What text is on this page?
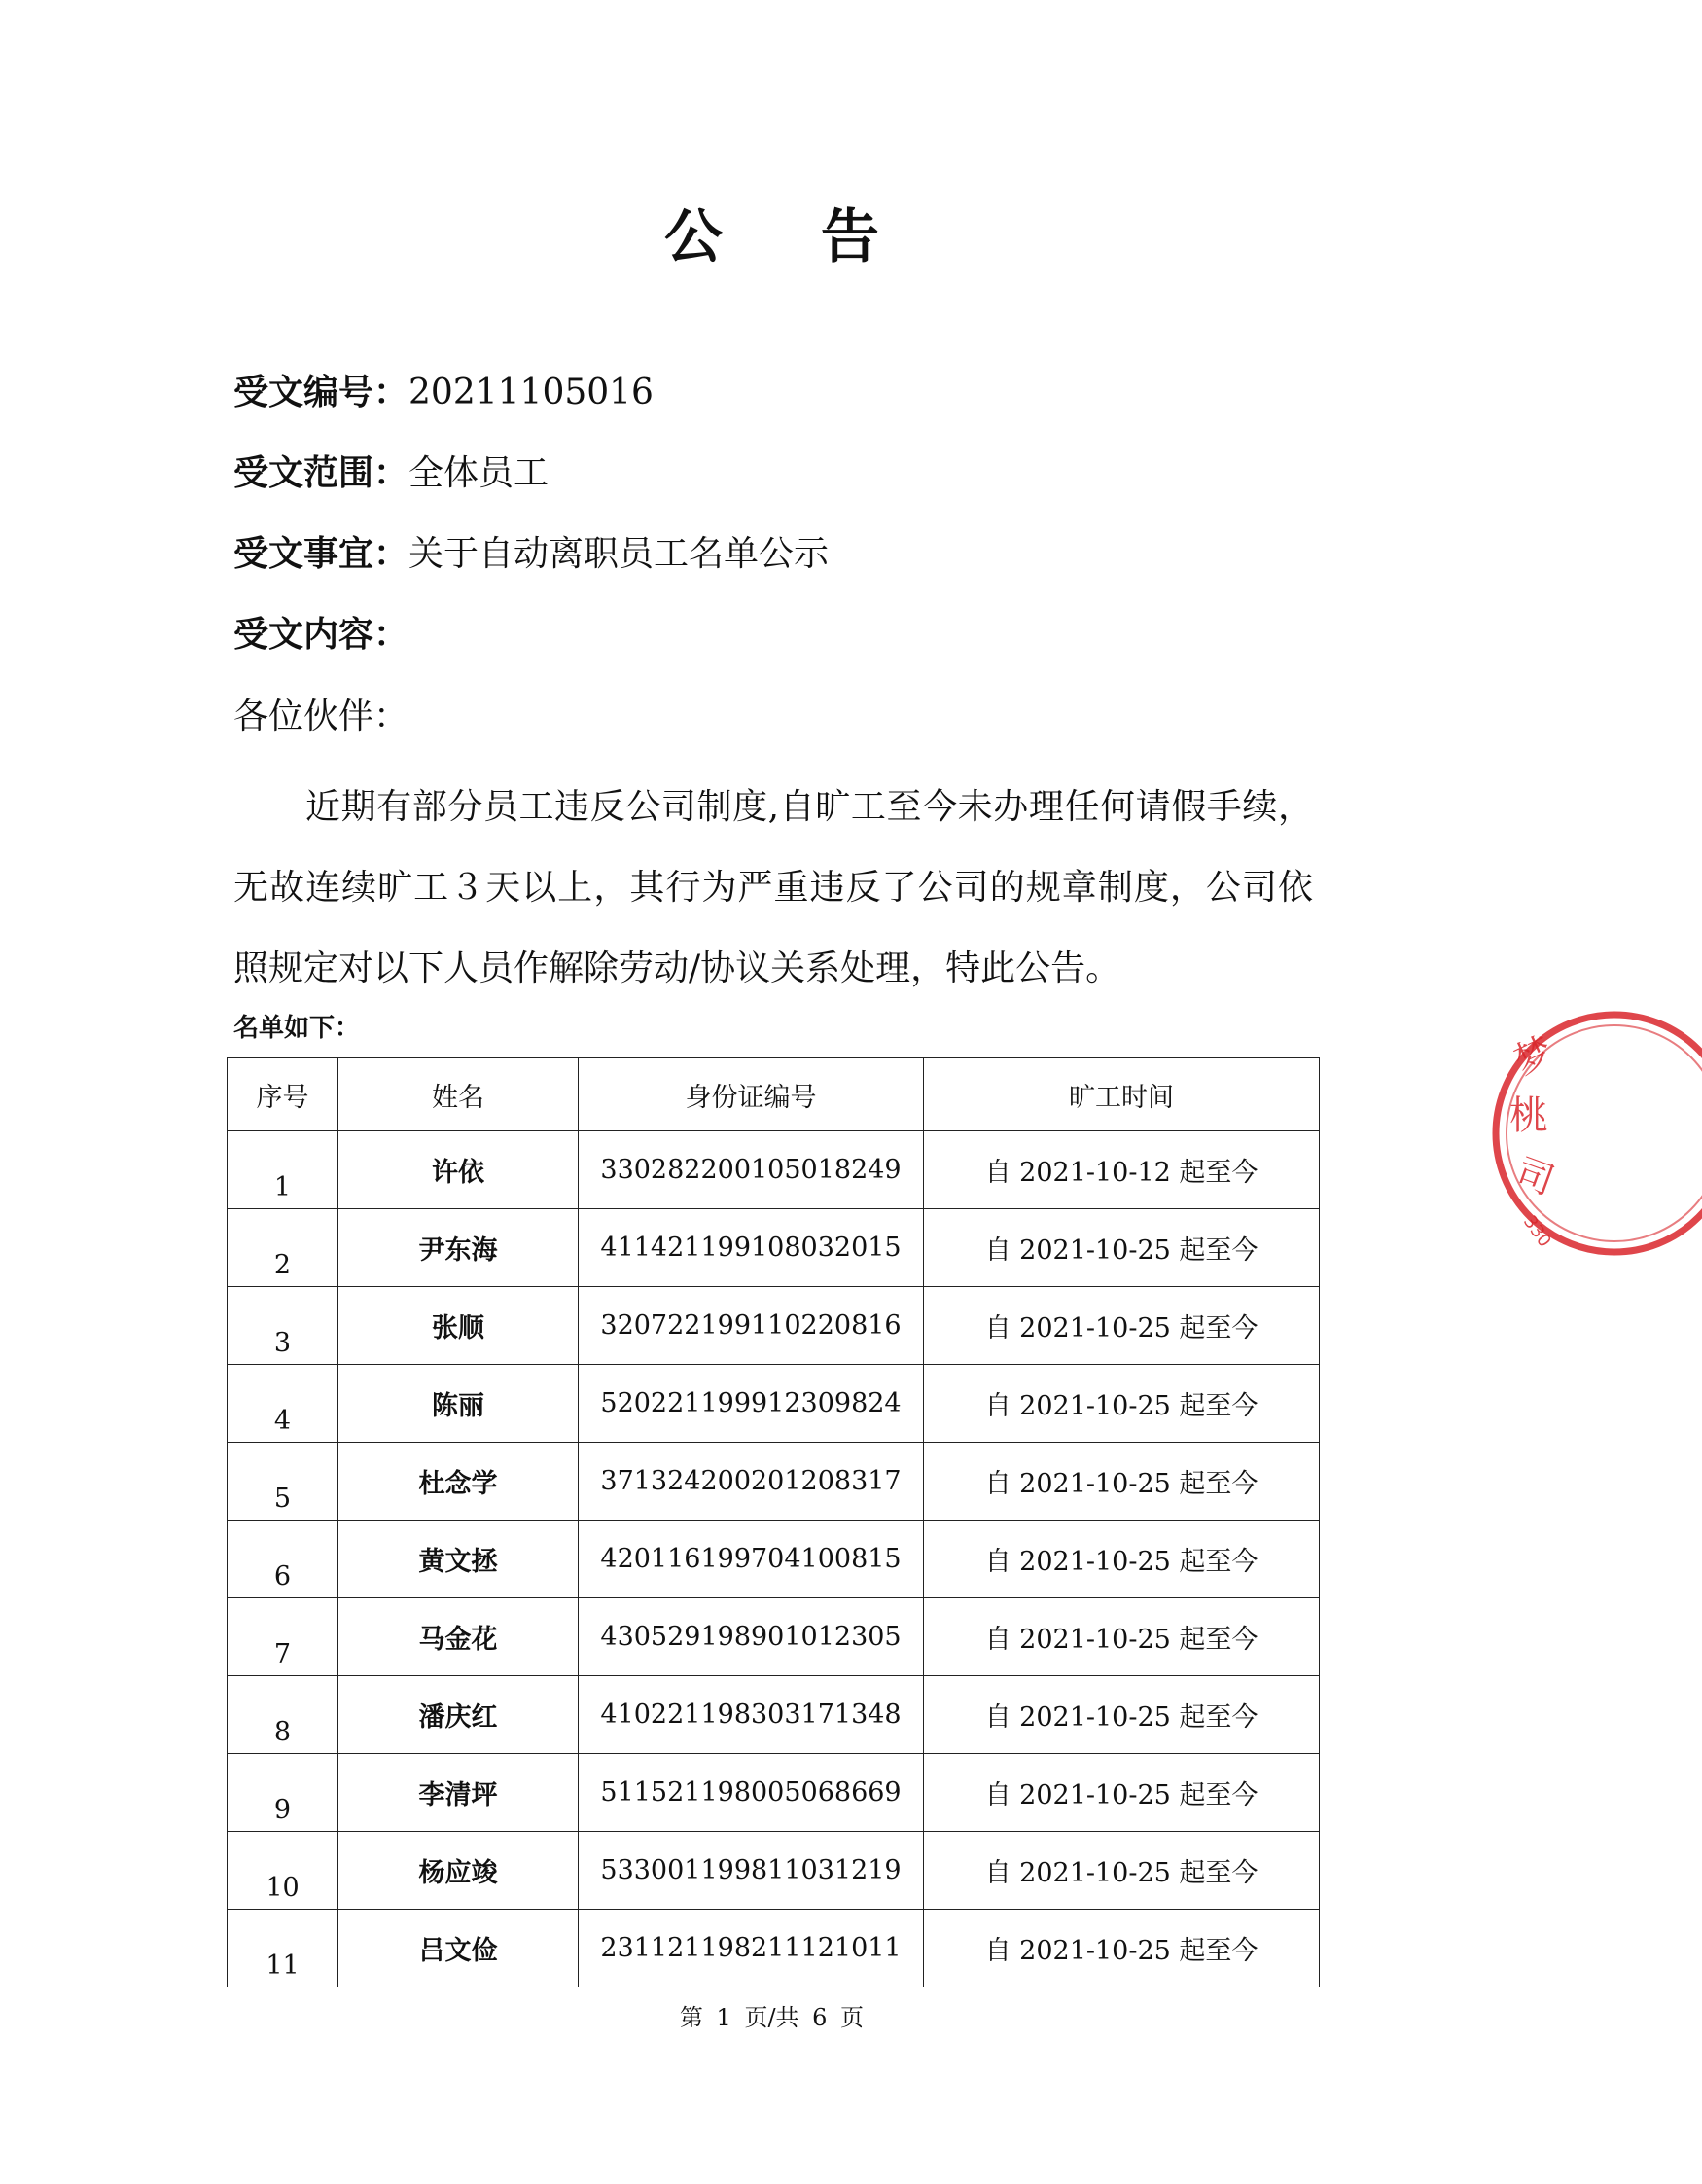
公 告
受文编号：20211105016
受文范围：全体员工
受文事宜：关于自动离职员工名单公示
受文内容：
各位伙伴：
近期有部分员工违反公司制度,自旷工至今未办理任何请假手续，无故连续旷工３天以上，其行为严重违反了公司的规章制度，公司依照规定对以下人员作解除劳动/协议关系处理，特此公告。
名单如下：
序号	姓名	身份证编号	旷工时间
1	许依	330282200105018249	自 2021-10-12 起至今
2	尹东海	411421199108032015	自 2021-10-25 起至今
3	张顺	320722199110220816	自 2021-10-25 起至今
4	陈丽	520221199912309824	自 2021-10-25 起至今
5	杜念学	371324200201208317	自 2021-10-25 起至今
6	黄文拯	420116199704100815	自 2021-10-25 起至今
7	马金花	430529198901012305	自 2021-10-25 起至今
8	潘庆红	410221198303171348	自 2021-10-25 起至今
9	李清坪	511521198005068669	自 2021-10-25 起至今
10	杨应竣	533001199811031219	自 2021-10-25 起至今
11	吕文俭	231121198211121011	自 2021-10-25 起至今
第 1 页/共 6 页
梦
桃
司
330
